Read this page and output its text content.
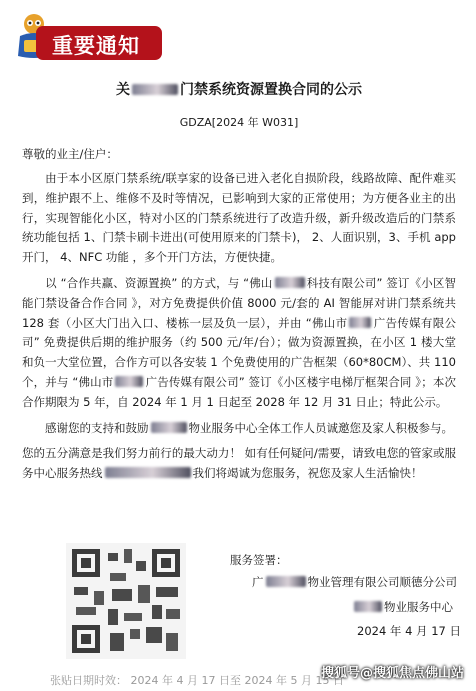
重要通知
关	门禁系统资源置换合同的公示
GDZA[2024 年 W031]
尊敬的业主/住户：
由于本小区原门禁系统/联享家的设备已进入老化自损阶段，线路故障、配件难买到，维护跟不上、维修不及时等情况，已影响到大家的正常使用；为方便各业主的出行，实现智能化小区，特对小区的门禁系统进行了改造升级，新升级改造后的门禁系统功能包括 1、门禁卡刷卡进出(可使用原来的门禁卡)， 2、人面识别，3、手机 app 开门， 4、NFC 功能 ，多个开门方法，方便快捷。
以 “合作共赢、资源置换” 的方式，与 “佛山	科技有限公司” 签订《小区智能门禁设备合作合同 》，对方免费提供价值 8000 元/套的 AI 智能屏对讲门禁系统共 128 套（小区大门出入口、楼栋一层及负一层），并由 “佛山市 广告传媒有限公司” 免费提供后期的维护服务（约 500 元/年/台）；做为资源置换，在小区 1 楼大堂和负一大堂位置，合作方可以各安装 1 个免费使用的广告框架（60*80CM）、共 110 个，并与 “佛山市	广告传媒有限公司” 签订《小区楼宇电梯厅框架合同 》；本次合作期限为 5 年，自 2024 年 1 月 1 日起至 2028 年 12 月 31 日止；特此公示。
感谢您的支持和鼓励	物业服务中心全体工作人员诚邀您及家人积极参与。
您的五分满意是我们努力前行的最大动力！ 如有任何疑问/需要，请致电您的管家或服务中心服务热线	我们将竭诚为您服务，祝您及家人生活愉快！
服务签署：
广	物业管理有限公司顺德分公司
物业服务中心
2024 年 4 月 17 日
张贴日期时效： 2024 年 4 月 17 日至 2024 年 5 月 15 日
搜狐号@搜狐焦点佛山站
